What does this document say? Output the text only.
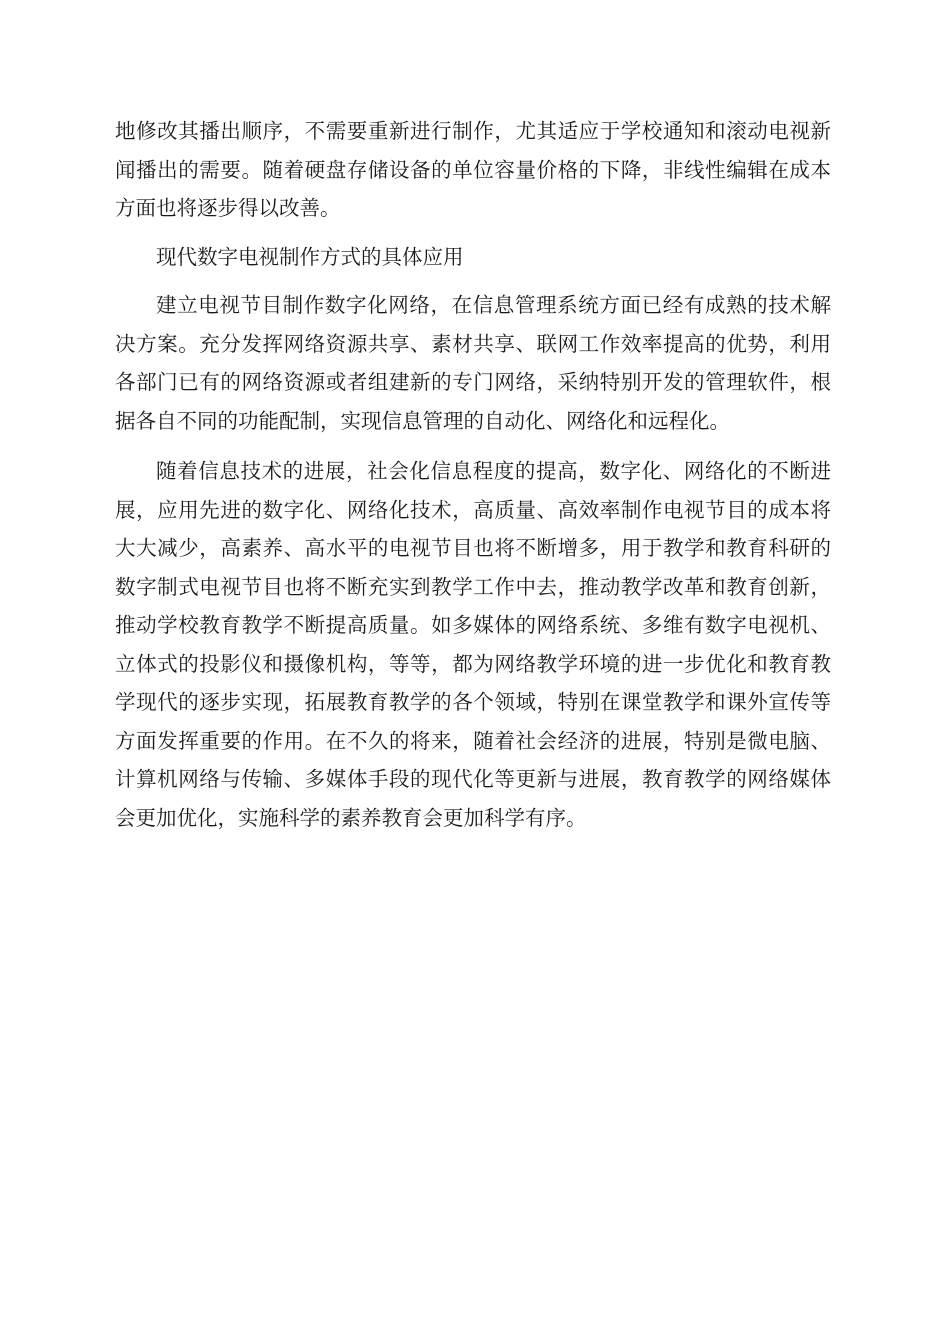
地修改其播出顺序，不需要重新进行制作，尤其适应于学校通知和滚动电视新闻播出的需要。随着硬盘存储设备的单位容量价格的下降，非线性编辑在成本方面也将逐步得以改善。

现代数字电视制作方式的具体应用

建立电视节目制作数字化网络，在信息管理系统方面已经有成熟的技术解决方案。充分发挥网络资源共享、素材共享、联网工作效率提高的优势，利用各部门已有的网络资源或者组建新的专门网络，采纳特别开发的管理软件，根据各自不同的功能配制，实现信息管理的自动化、网络化和远程化。

随着信息技术的进展，社会化信息程度的提高，数字化、网络化的不断进展，应用先进的数字化、网络化技术，高质量、高效率制作电视节目的成本将大大减少，高素养、高水平的电视节目也将不断增多，用于教学和教育科研的数字制式电视节目也将不断充实到教学工作中去，推动教学改革和教育创新，推动学校教育教学不断提高质量。如多媒体的网络系统、多维有数字电视机、立体式的投影仪和摄像机构，等等，都为网络教学环境的进一步优化和教育教学现代的逐步实现，拓展教育教学的各个领域，特别在课堂教学和课外宣传等方面发挥重要的作用。在不久的将来，随着社会经济的进展，特别是微电脑、计算机网络与传输、多媒体手段的现代化等更新与进展，教育教学的网络媒体会更加优化，实施科学的素养教育会更加科学有序。
